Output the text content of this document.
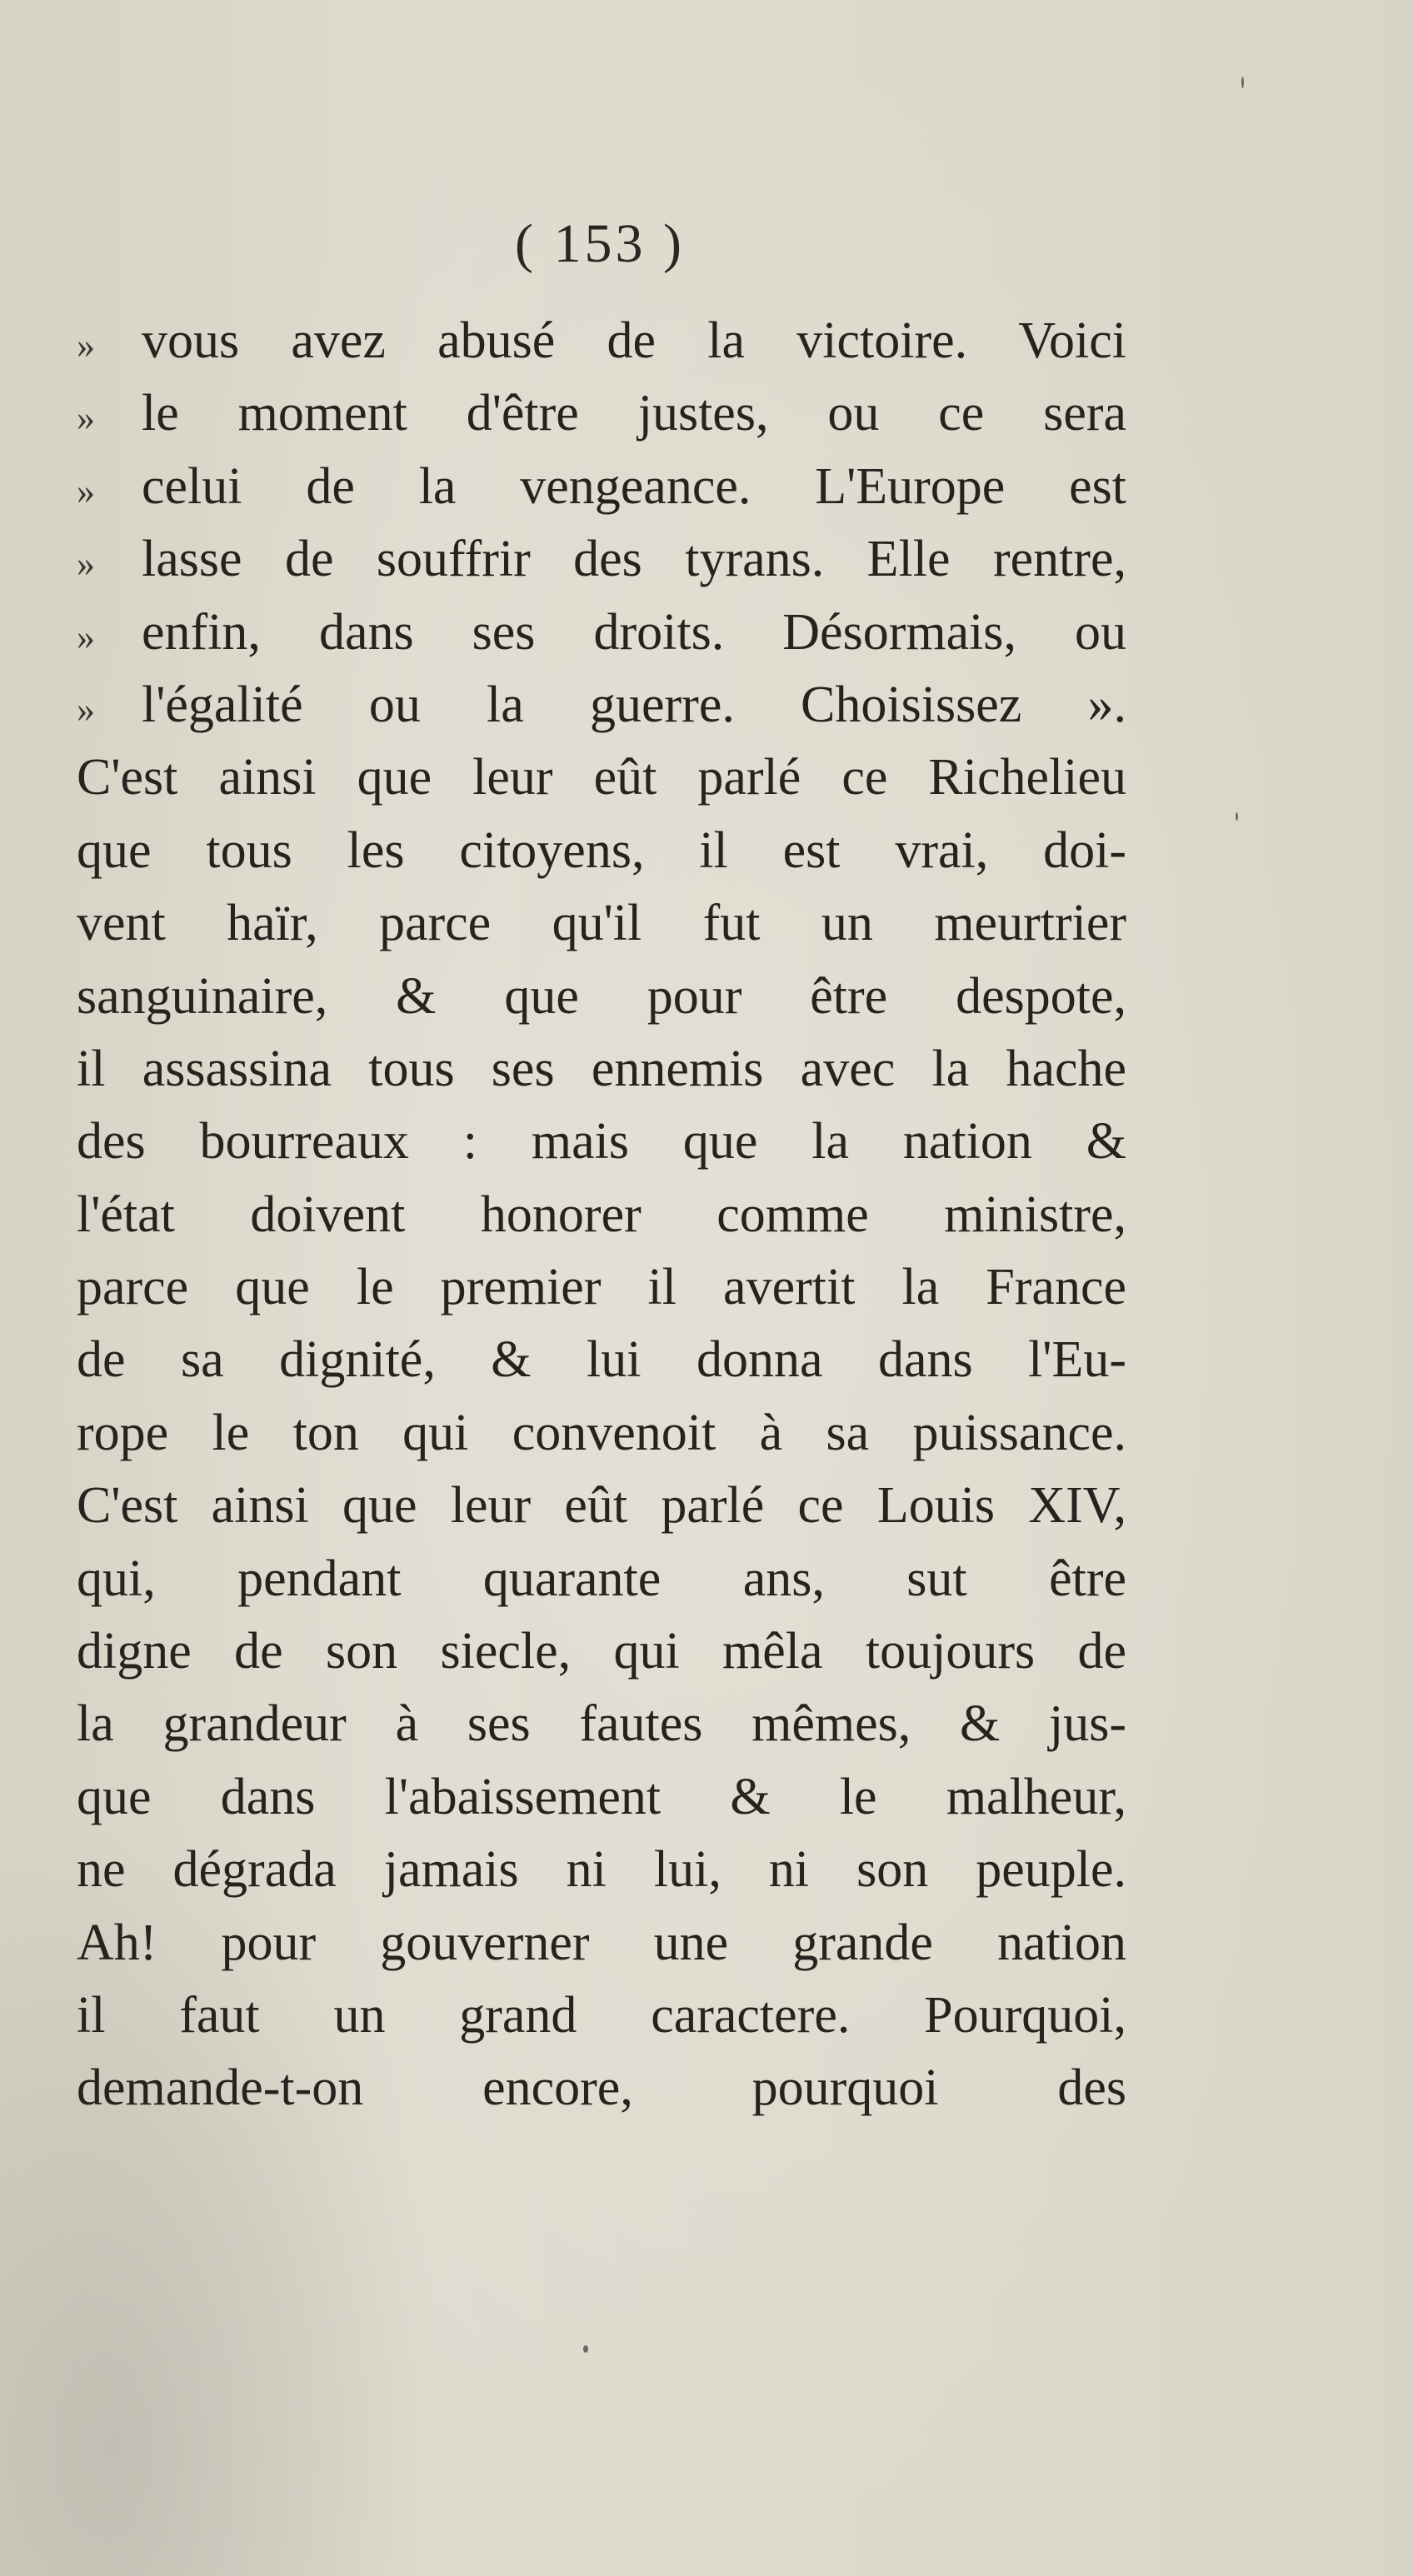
( 153 )
» vous avez abusé de la victoire. Voici
» le moment d'être justes, ou ce sera
» celui de la vengeance. L'Europe est
» lasse de souffrir des tyrans. Elle rentre,
» enfin, dans ses droits. Désormais, ou
» l'égalité ou la guerre. Choisissez ».
C'est ainsi que leur eût parlé ce Richelieu
que tous les citoyens, il est vrai, doi-
vent haïr, parce qu'il fut un meurtrier
sanguinaire, & que pour être despote,
il assassina tous ses ennemis avec la hache
des bourreaux : mais que la nation &
l'état doivent honorer comme ministre,
parce que le premier il avertit la France
de sa dignité, & lui donna dans l'Eu-
rope le ton qui convenoit à sa puissance.
C'est ainsi que leur eût parlé ce Louis XIV,
qui, pendant quarante ans, sut être
digne de son siecle, qui mêla toujours de
la grandeur à ses fautes mêmes, & jus-
que dans l'abaissement & le malheur,
ne dégrada jamais ni lui, ni son peuple.
Ah! pour gouverner une grande nation
il faut un grand caractere. Pourquoi,
demande-t-on encore, pourquoi des
